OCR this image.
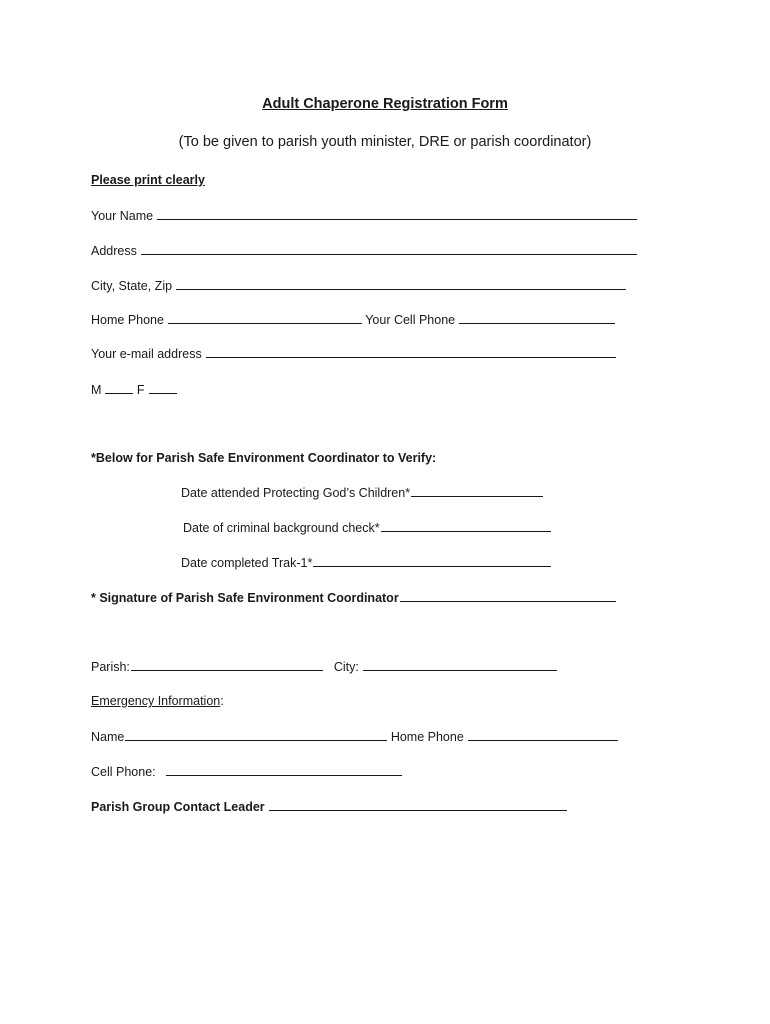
Adult Chaperone Registration Form
(To be given to parish youth minister, DRE or parish coordinator)
Please print clearly
Your Name
Address
City, State, Zip
Home Phone	Your Cell Phone
Your e-mail address
M	F
*Below for Parish Safe Environment Coordinator to Verify:
Date attended Protecting God’s Children*
Date of criminal background check*
Date completed Trak-1*
* Signature of Parish Safe Environment Coordinator
Parish:	City:
Emergency Information:
Name	Home Phone
Cell Phone:
Parish Group Contact Leader
